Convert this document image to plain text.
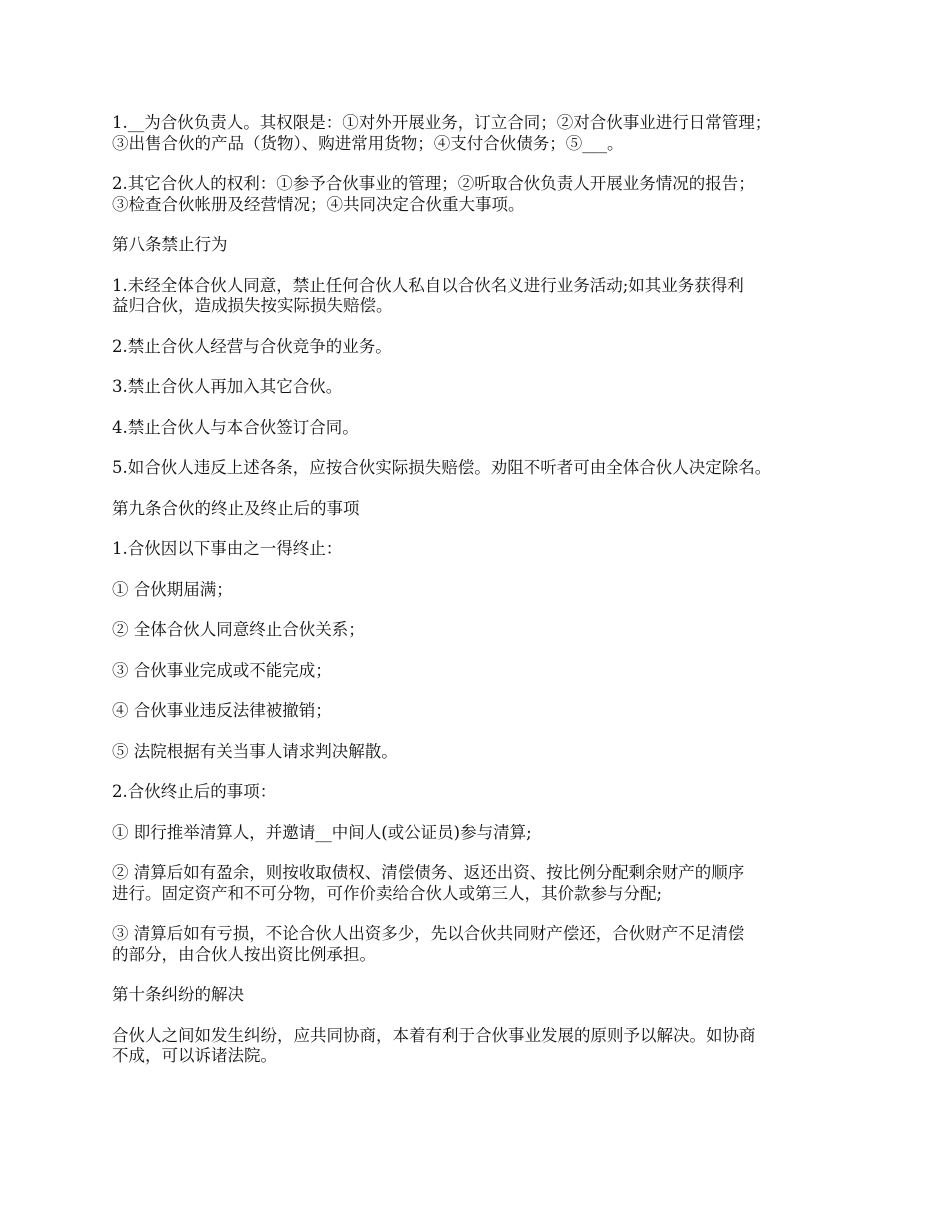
1.__为合伙负责人。其权限是：①对外开展业务，订立合同；②对合伙事业进行日常管理；
③出售合伙的产品（货物）、购进常用货物；④支付合伙债务；⑤___。

2.其它合伙人的权利：①参予合伙事业的管理；②听取合伙负责人开展业务情况的报告；
③检查合伙帐册及经营情况；④共同决定合伙重大事项。

第八条禁止行为

1.未经全体合伙人同意，禁止任何合伙人私自以合伙名义进行业务活动;如其业务获得利
益归合伙，造成损失按实际损失赔偿。

2.禁止合伙人经营与合伙竞争的业务。

3.禁止合伙人再加入其它合伙。

4.禁止合伙人与本合伙签订合同。

5.如合伙人违反上述各条，应按合伙实际损失赔偿。劝阻不听者可由全体合伙人决定除名。

第九条合伙的终止及终止后的事项

1.合伙因以下事由之一得终止：

① 合伙期届满；

② 全体合伙人同意终止合伙关系；

③ 合伙事业完成或不能完成；

④ 合伙事业违反法律被撤销；

⑤ 法院根据有关当事人请求判决解散。

2.合伙终止后的事项：

① 即行推举清算人，并邀请__中间人(或公证员)参与清算;

② 清算后如有盈余，则按收取债权、清偿债务、返还出资、按比例分配剩余财产的顺序
进行。固定资产和不可分物，可作价卖给合伙人或第三人，其价款参与分配;

③ 清算后如有亏损，不论合伙人出资多少，先以合伙共同财产偿还，合伙财产不足清偿
的部分，由合伙人按出资比例承担。

第十条纠纷的解决

合伙人之间如发生纠纷，应共同协商，本着有利于合伙事业发展的原则予以解决。如协商
不成，可以诉诸法院。
